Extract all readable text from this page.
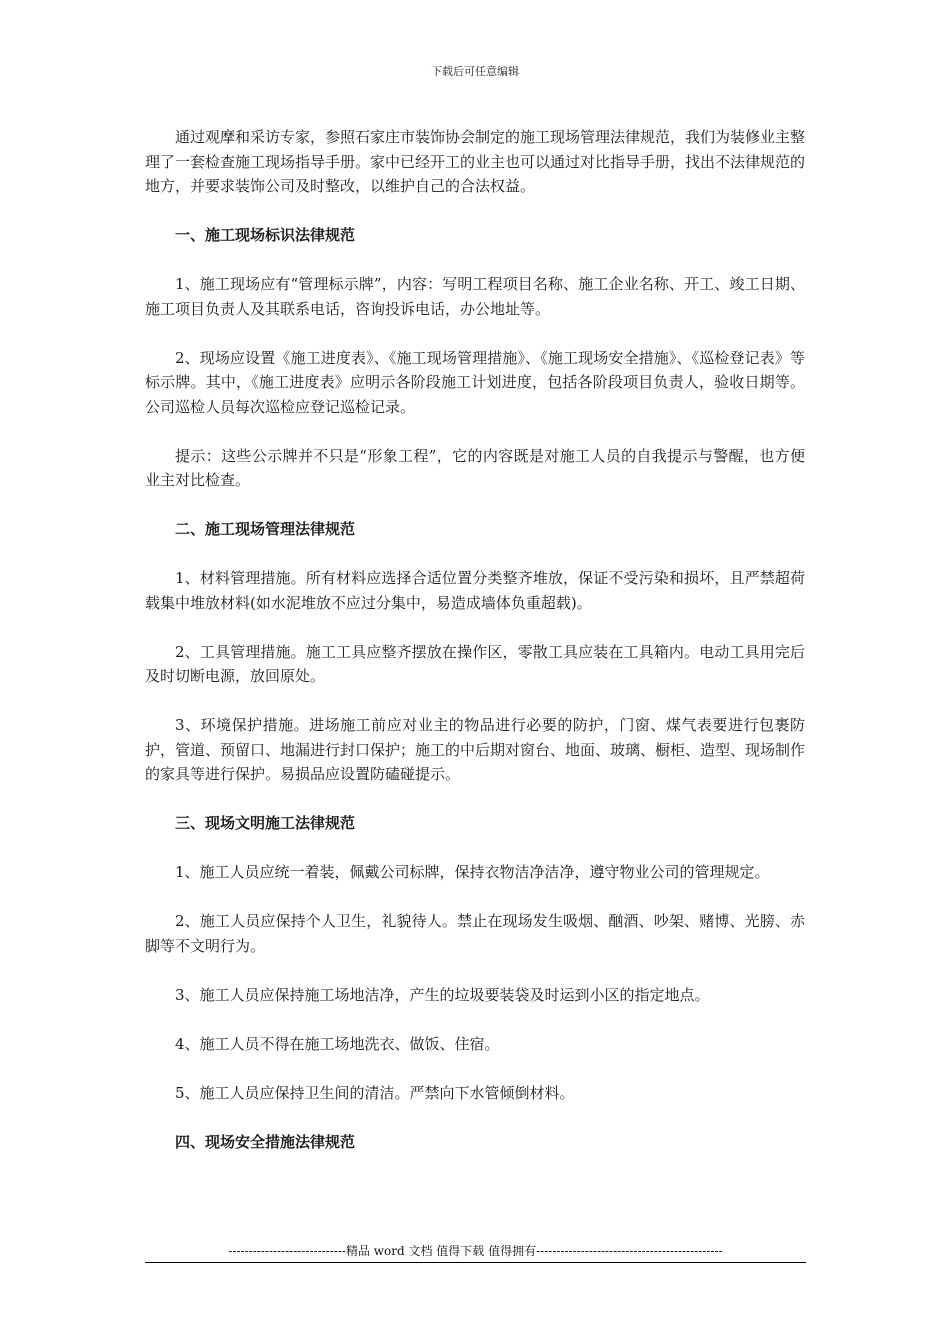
下载后可任意编辑

通过观摩和采访专家，参照石家庄市装饰协会制定的施工现场管理法律规范，我们为装修业主整理了一套检查施工现场指导手册。家中已经开工的业主也可以通过对比指导手册，找出不法律规范的地方，并要求装饰公司及时整改，以维护自己的合法权益。

一、施工现场标识法律规范

1、施工现场应有“管理标示牌”，内容：写明工程项目名称、施工企业名称、开工、竣工日期、施工项目负责人及其联系电话，咨询投诉电话，办公地址等。

2、现场应设置《施工进度表》、《施工现场管理措施》、《施工现场安全措施》、《巡检登记表》等标示牌。其中，《施工进度表》应明示各阶段施工计划进度，包括各阶段项目负责人，验收日期等。公司巡检人员每次巡检应登记巡检记录。

提示：这些公示牌并不只是“形象工程”，它的内容既是对施工人员的自我提示与警醒，也方便业主对比检查。

二、施工现场管理法律规范

1、材料管理措施。所有材料应选择合适位置分类整齐堆放，保证不受污染和损坏，且严禁超荷载集中堆放材料(如水泥堆放不应过分集中，易造成墙体负重超载)。

2、工具管理措施。施工工具应整齐摆放在操作区，零散工具应装在工具箱内。电动工具用完后及时切断电源，放回原处。

3、环境保护措施。进场施工前应对业主的物品进行必要的防护，门窗、煤气表要进行包裹防护，管道、预留口、地漏进行封口保护；施工的中后期对窗台、地面、玻璃、橱柜、造型、现场制作的家具等进行保护。易损品应设置防磕碰提示。

三、现场文明施工法律规范

1、施工人员应统一着装，佩戴公司标牌，保持衣物洁净洁净，遵守物业公司的管理规定。

2、施工人员应保持个人卫生，礼貌待人。禁止在现场发生吸烟、酗酒、吵架、赌博、光膀、赤脚等不文明行为。

3、施工人员应保持施工场地洁净，产生的垃圾要装袋及时运到小区的指定地点。

4、施工人员不得在施工场地洗衣、做饭、住宿。

5、施工人员应保持卫生间的清洁。严禁向下水管倾倒材料。

四、现场安全措施法律规范

-----------------------------精品 word 文档 值得下载 值得拥有----------------------------------------------
